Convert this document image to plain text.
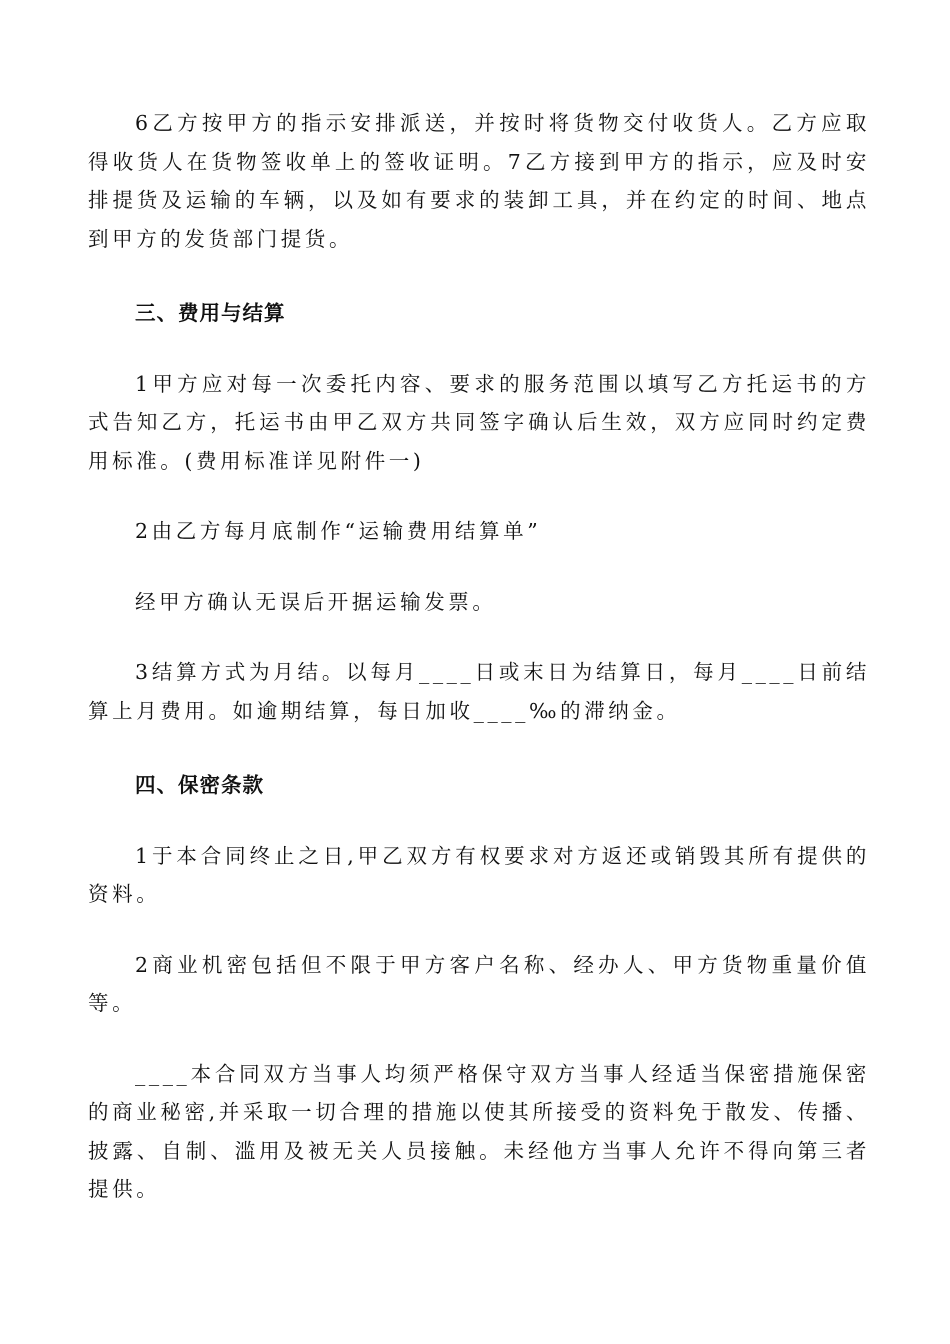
6乙方按甲方的指示安排派送，并按时将货物交付收货人。乙方应取得收货人在货物签收单上的签收证明。7乙方接到甲方的指示，应及时安排提货及运输的车辆，以及如有要求的装卸工具，并在约定的时间、地点到甲方的发货部门提货。

三、费用与结算

1甲方应对每一次委托内容、要求的服务范围以填写乙方托运书的方式告知乙方，托运书由甲乙双方共同签字确认后生效，双方应同时约定费用标准。(费用标准详见附件一)

2由乙方每月底制作“运输费用结算单”

经甲方确认无误后开据运输发票。

3结算方式为月结。以每月____日或末日为结算日，每月____日前结算上月费用。如逾期结算，每日加收____‰的滞纳金。

四、保密条款

1于本合同终止之日,甲乙双方有权要求对方返还或销毁其所有提供的资料。

2商业机密包括但不限于甲方客户名称、经办人、甲方货物重量价值等。

____本合同双方当事人均须严格保守双方当事人经适当保密措施保密的商业秘密,并采取一切合理的措施以使其所接受的资料免于散发、传播、披露、自制、滥用及被无关人员接触。未经他方当事人允许不得向第三者提供。
